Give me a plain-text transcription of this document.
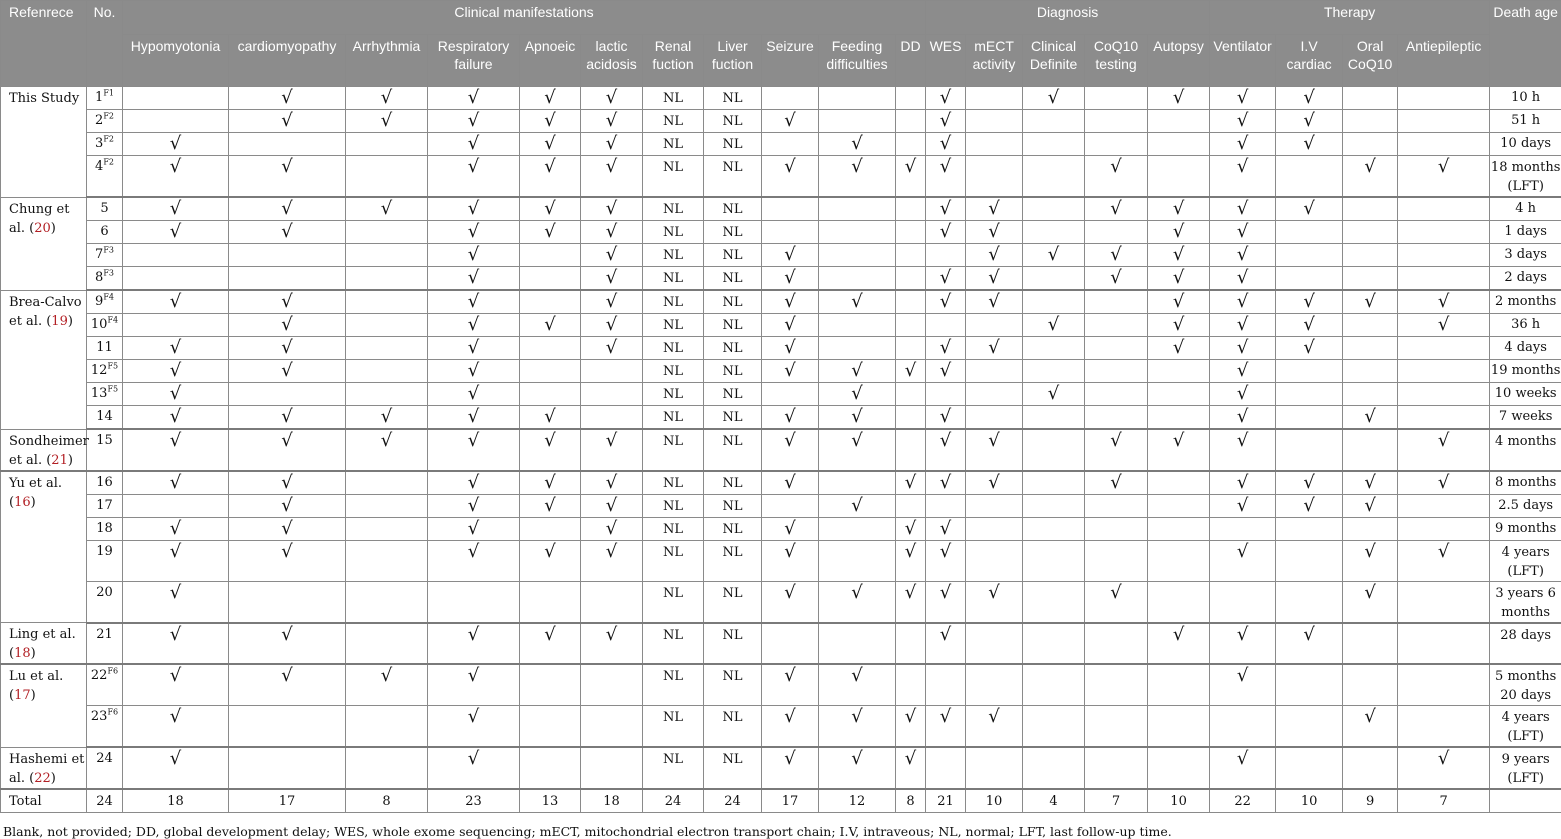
Refenrece	No.	Clinical manifestations											Diagnosis					Therapy				Death age
		Hypomyotonia	cardiomyopathy	Arrhythmia	Respiratory failure	Apnoeic	lactic acidosis	Renal fuction	Liver fuction	Seizure	Feeding difficulties	DD	WES	mECT activity	Clinical Definite	CoQ10 testing	Autopsy	Ventilator	I.V cardiac	Oral CoQ10	Antiepileptic	
This Study	$1^{F1}$		√	√	√	√	√	NL	NL				√		√		√	√	√			10 h
	$2^{F2}$		√	√	√	√	√	NL	NL	√			√					√	√			51 h
	$3^{F2}$	√			√	√	√	NL	NL		√		√					√	√			10 days
	$4^{F2}$	√	√		√	√	√	NL	NL	√	√	√	√			√		√		√	√	18 months (LFT)
Chung et al. (20)	5	√	√	√	√	√	√	NL	NL				√	√		√	√	√	√			4 h
	6	√	√		√	√	√	NL	NL				√	√			√	√				1 days
	$7^{F3}$				√		√	NL	NL	√				√	√	√	√	√				3 days
	$8^{F3}$				√		√	NL	NL	√			√	√		√	√	√				2 days
Brea-Calvo et al. (19)	$9^{F4}$	√	√		√		√	NL	NL	√	√		√	√			√	√	√	√	√	2 months
	$10^{F4}$		√		√	√	√	NL	NL	√					√		√	√	√		√	36 h
	11	√	√		√		√	NL	NL	√			√	√			√	√	√			4 days
	$12^{F5}$	√	√		√			NL	NL	√	√	√	√					√				19 months
	$13^{F5}$	√			√			NL	NL		√				√			√				10 weeks
	14	√	√	√	√	√		NL	NL	√	√		√					√		√		7 weeks
Sondheimer et al. (21)	15	√	√	√	√	√	√	NL	NL	√	√		√	√		√	√	√			√	4 months
Yu et al. (16)	16	√	√		√	√	√	NL	NL	√		√	√	√		√		√	√	√	√	8 months
	17		√		√	√	√	NL	NL		√							√	√	√		2.5 days
	18	√	√		√		√	NL	NL	√		√	√									9 months
	19	√	√		√	√	√	NL	NL	√		√	√					√		√	√	4 years (LFT)
	20	√						NL	NL	√	√	√	√	√		√				√		3 years 6 months
Ling et al. (18)	21	√	√		√	√	√	NL	NL				√				√	√	√			28 days
Lu et al. (17)	$22^{F6}$	√	√	√	√			NL	NL	√	√							√				5 months 20 days
	$23^{F6}$	√			√			NL	NL	√	√	√	√	√						√		4 years (LFT)
Hashemi et al. (22)	24	√			√			NL	NL	√	√	√						√			√	9 years (LFT)
Total	24	18	17	8	23	13	18	24	24	17	12	8	21	10	4	7	10	22	10	9	7	
Blank, not provided; DD, global development delay; WES, whole exome sequencing; mECT, mitochondrial electron transport chain; I.V, intraveous; NL, normal; LFT, last follow-up time.
